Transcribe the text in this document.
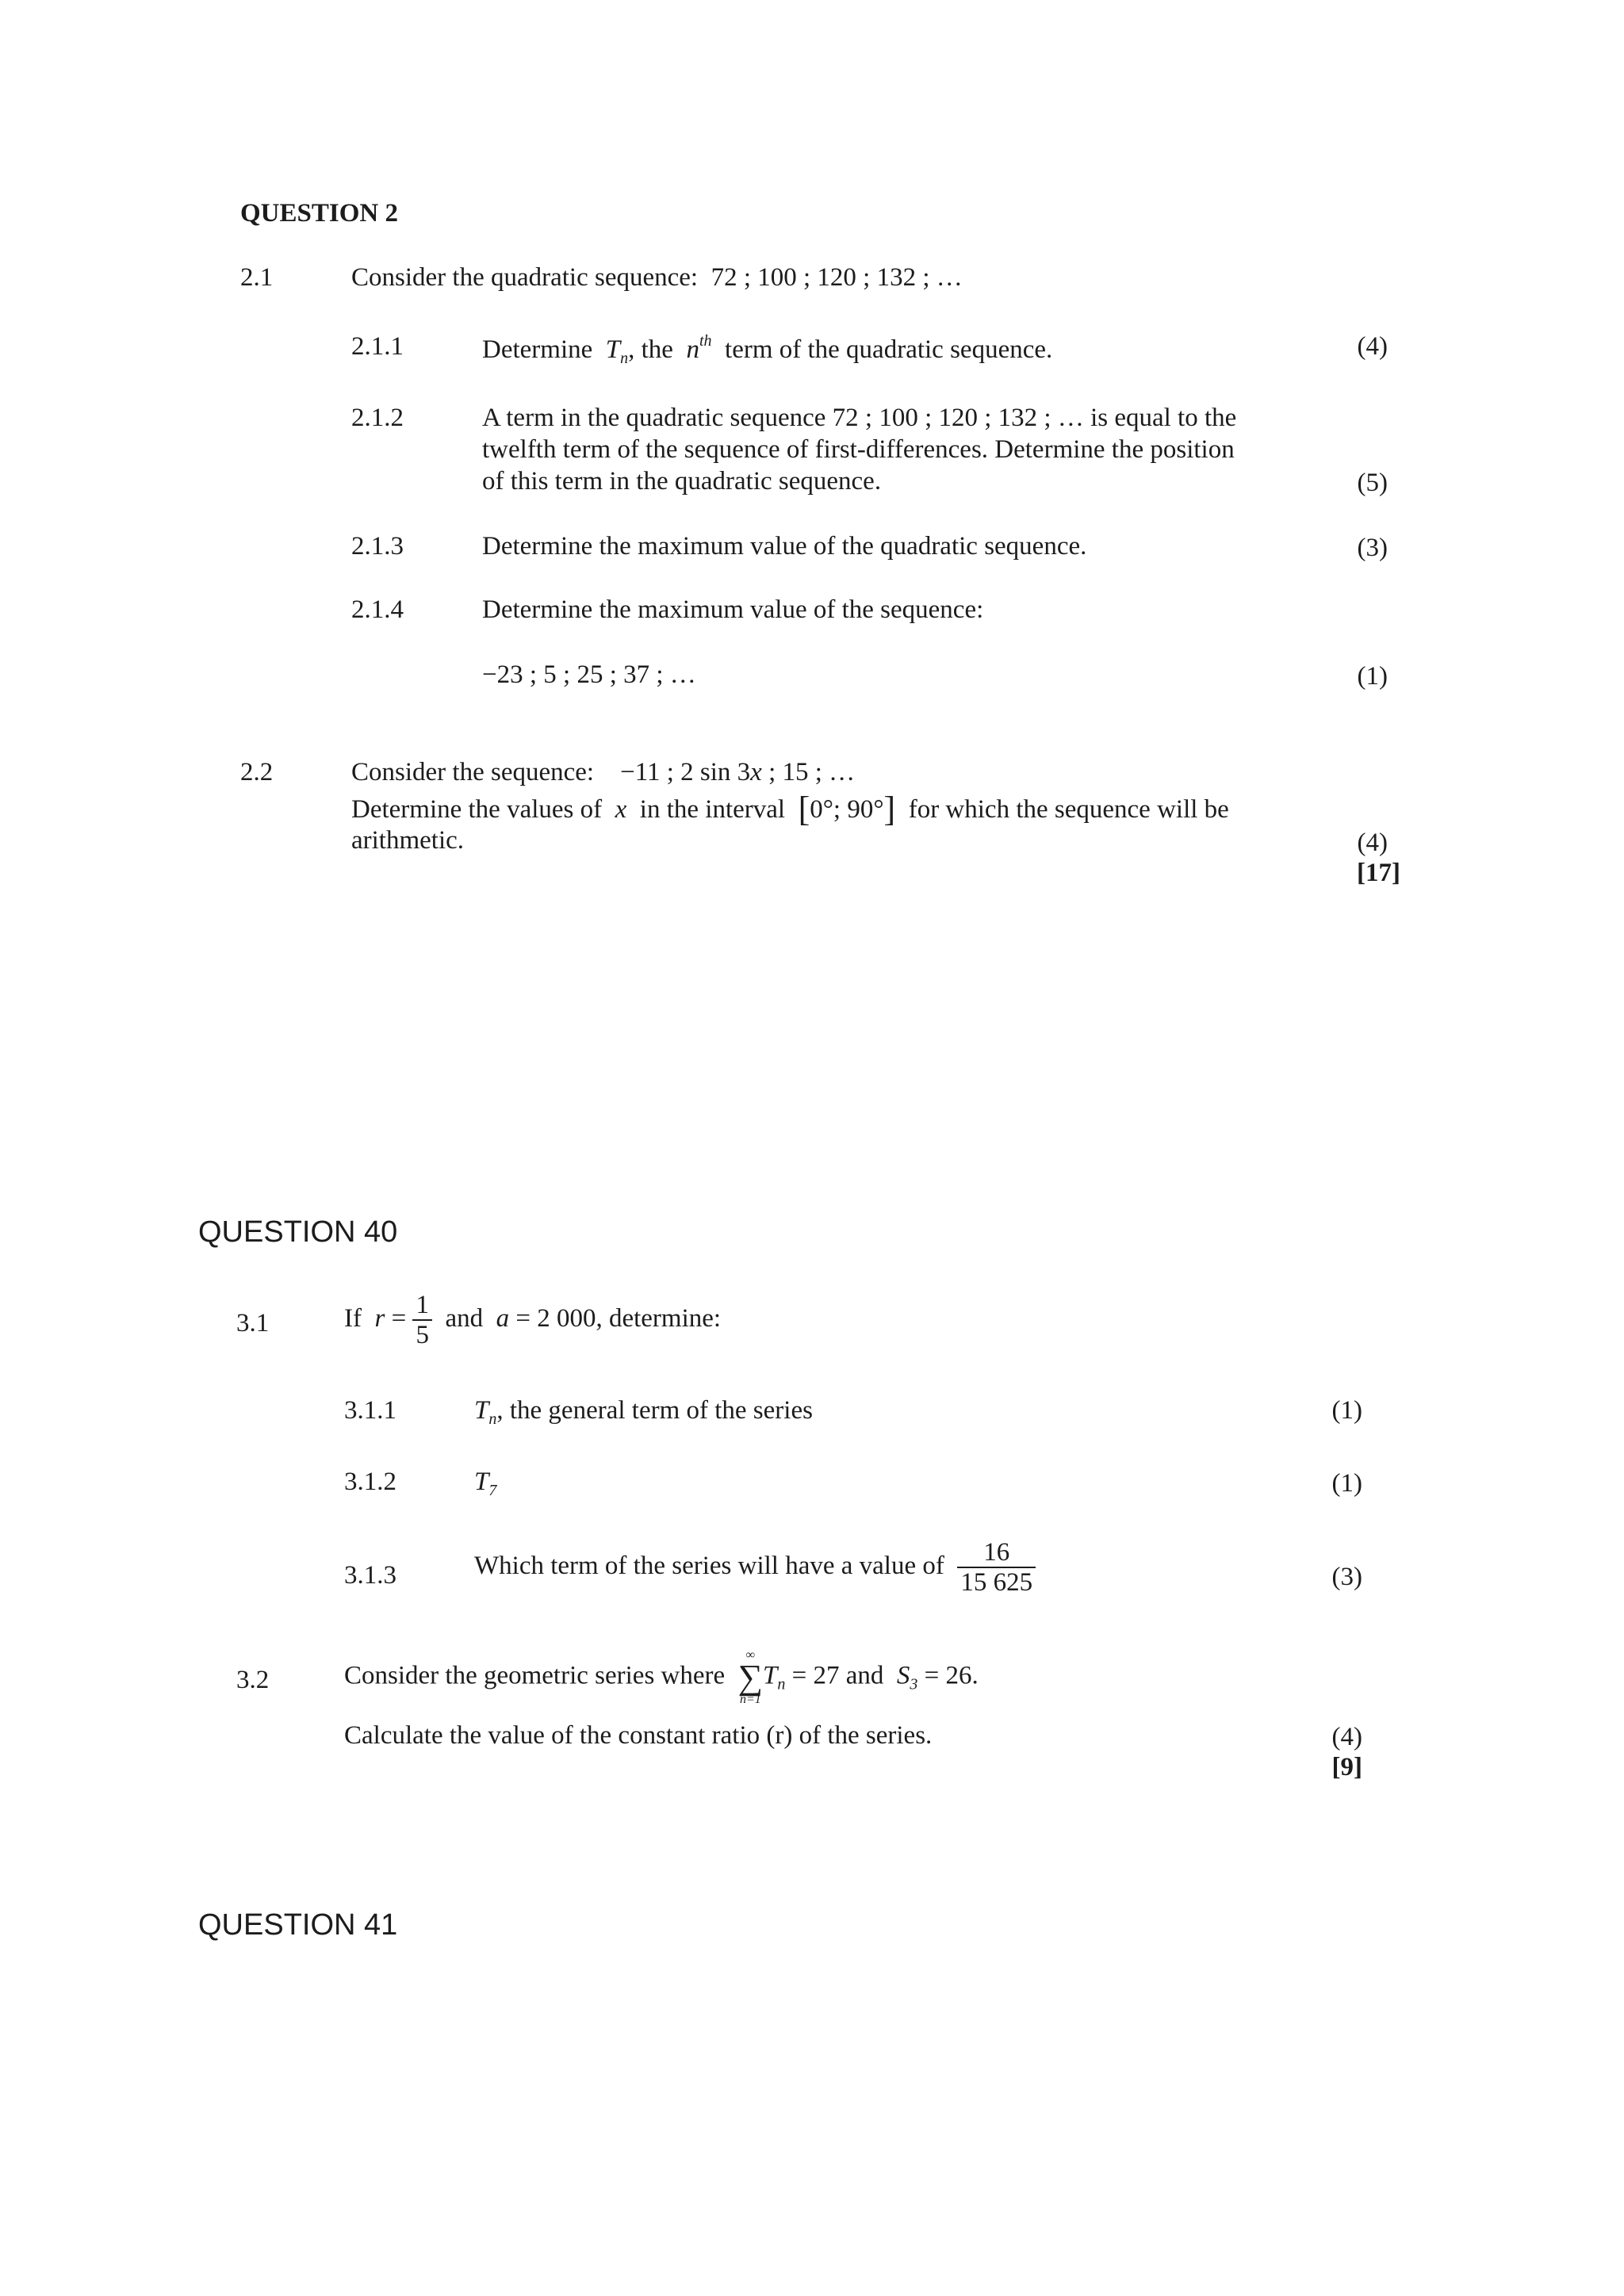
QUESTION 2
2.1	Consider the quadratic sequence: 72 ; 100 ; 120 ; 132 ; …
2.1.1	Determine $T_n$, the $n^{th}$ term of the quadratic sequence.	(4)
2.1.2	A term in the quadratic sequence 72 ; 100 ; 120 ; 132 ; … is equal to the
twelfth term of the sequence of first-differences. Determine the position
of this term in the quadratic sequence.	(5)
2.1.3	Determine the maximum value of the quadratic sequence.	(3)
2.1.4	Determine the maximum value of the sequence:
−23 ; 5 ; 25 ; 37 ; …	(1)
2.2	Consider the sequence: −11 ; 2 sin 3x ; 15 ; …
Determine the values of x in the interval [0°; 90°] for which the sequence will be
arithmetic.	(4)
[17]
QUESTION 40
3.1	If $r = \frac{1}{5}$ and a = 2 000, determine:
3.1.1	$T_n$, the general term of the series	(1)
3.1.2	$T_7$	(1)
3.1.3	Which term of the series will have a value of $\frac{16}{15 625}$	(3)
3.2	Consider the geometric series where
∞
∑
n=1
$T_n = 27$ and $S_3 = 26$.
Calculate the value of the constant ratio (r) of the series.	(4)
[9]
QUESTION 41
